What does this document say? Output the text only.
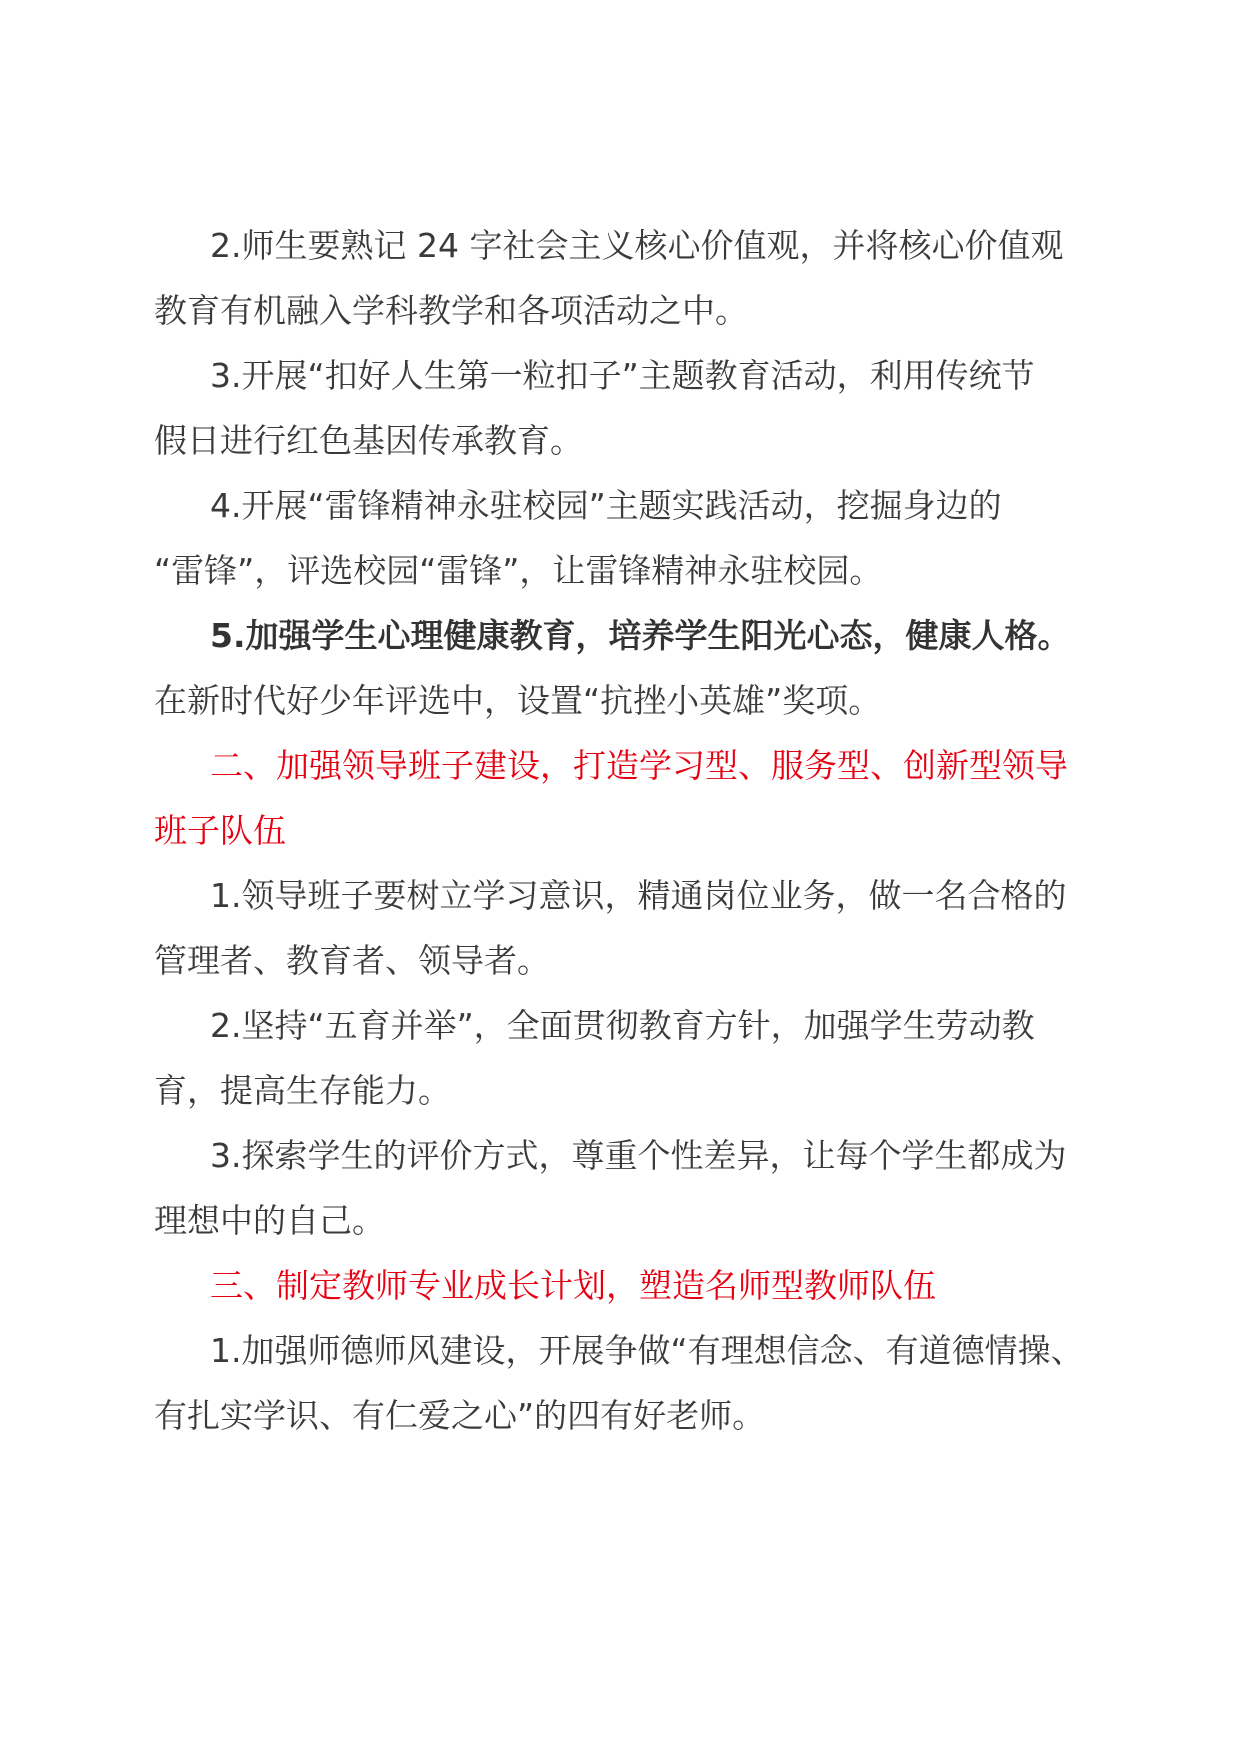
2.师生要熟记 24 字社会主义核心价值观，并将核心价值观
教育有机融入学科教学和各项活动之中。

3.开展“扣好人生第一粒扣子”主题教育活动，利用传统节
假日进行红色基因传承教育。

4.开展“雷锋精神永驻校园”主题实践活动，挖掘身边的
“雷锋”，评选校园“雷锋”，让雷锋精神永驻校园。

5.加强学生心理健康教育，培养学生阳光心态，健康人格。
在新时代好少年评选中，设置“抗挫小英雄”奖项。

二、加强领导班子建设，打造学习型、服务型、创新型领导
班子队伍

1.领导班子要树立学习意识，精通岗位业务，做一名合格的
管理者、教育者、领导者。

2.坚持“五育并举”，全面贯彻教育方针，加强学生劳动教
育，提高生存能力。

3.探索学生的评价方式，尊重个性差异，让每个学生都成为
理想中的自己。

三、制定教师专业成长计划，塑造名师型教师队伍

1.加强师德师风建设，开展争做“有理想信念、有道德情操、
有扎实学识、有仁爱之心”的四有好老师。
